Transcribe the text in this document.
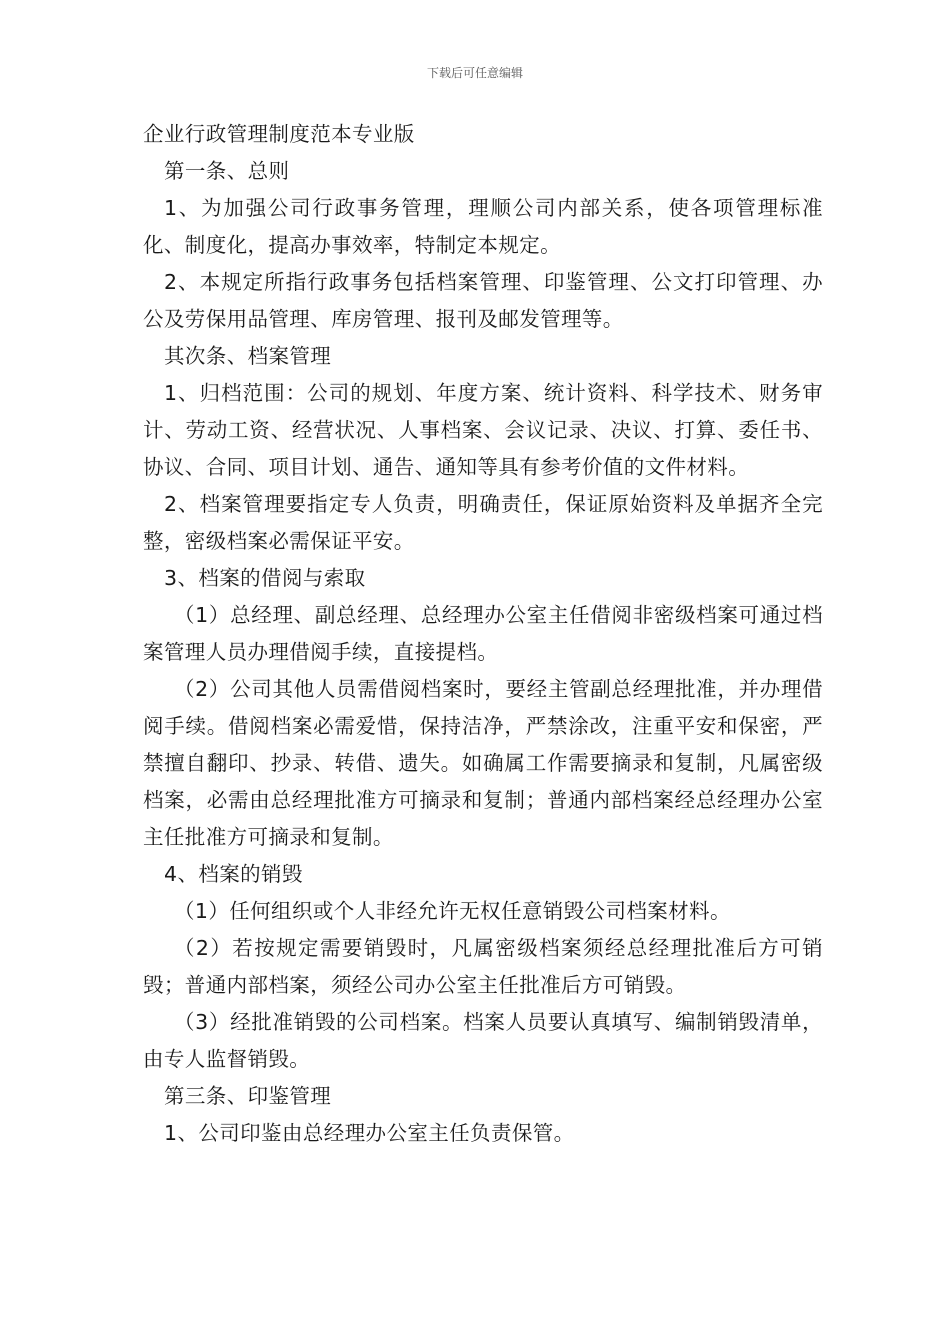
下载后可任意编辑

企业行政管理制度范本专业版

第一条、总则

1、为加强公司行政事务管理，理顺公司内部关系，使各项管理标准化、制度化，提高办事效率，特制定本规定。

2、本规定所指行政事务包括档案管理、印鉴管理、公文打印管理、办公及劳保用品管理、库房管理、报刊及邮发管理等。

其次条、档案管理

1、归档范围：公司的规划、年度方案、统计资料、科学技术、财务审计、劳动工资、经营状况、人事档案、会议记录、决议、打算、委任书、协议、合同、项目计划、通告、通知等具有参考价值的文件材料。

2、档案管理要指定专人负责，明确责任，保证原始资料及单据齐全完整，密级档案必需保证平安。

3、档案的借阅与索取

（1）总经理、副总经理、总经理办公室主任借阅非密级档案可通过档案管理人员办理借阅手续，直接提档。

（2）公司其他人员需借阅档案时，要经主管副总经理批准，并办理借阅手续。借阅档案必需爱惜，保持洁净，严禁涂改，注重平安和保密，严禁擅自翻印、抄录、转借、遗失。如确属工作需要摘录和复制，凡属密级档案，必需由总经理批准方可摘录和复制；普通内部档案经总经理办公室主任批准方可摘录和复制。

4、档案的销毁

（1）任何组织或个人非经允许无权任意销毁公司档案材料。

（2）若按规定需要销毁时，凡属密级档案须经总经理批准后方可销毁；普通内部档案，须经公司办公室主任批准后方可销毁。

（3）经批准销毁的公司档案。档案人员要认真填写、编制销毁清单，由专人监督销毁。

第三条、印鉴管理

1、公司印鉴由总经理办公室主任负责保管。
